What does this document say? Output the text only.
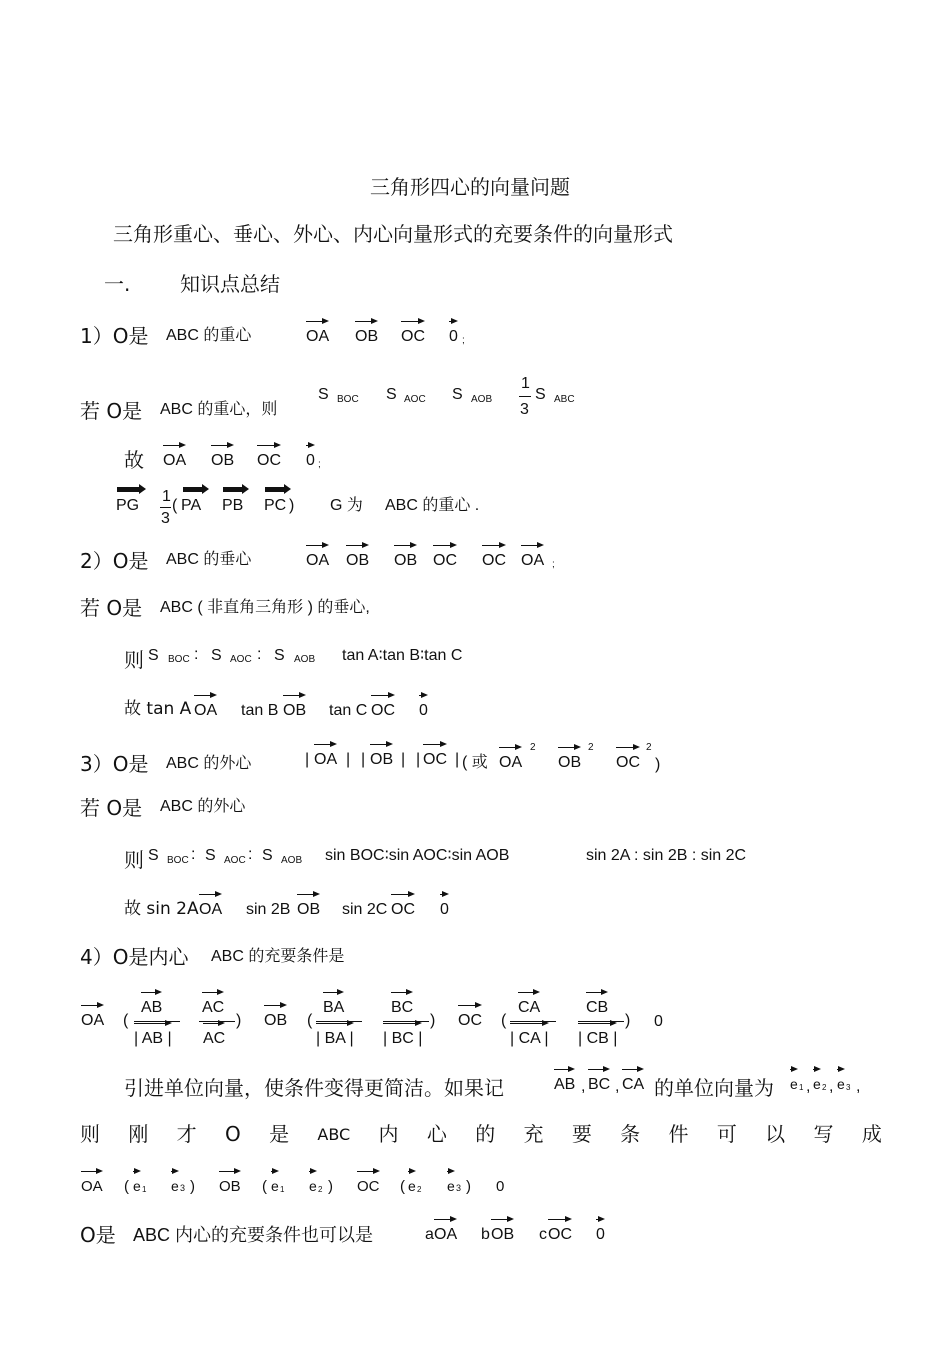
三角形四心的向量问题
三角形重心、垂心、外心、内心向量形式的充要条件的向量形式
一. 知识点总结
1）O是 ABC 的重心	OA OB OC 0 ;
若 O是 ABC 的重心，则
S BOC S AOC S AOB
1
3
S ABC
故 OA OB OC 0 ;
PG
1
3
( PA PB PC ) G 为 ABC 的重心 .
2）O是 ABC 的垂心	OA OB OB OC OC OA ;
若 O是 ABC ( 非直角三角形 ) 的垂心,
则 S BOC : S AOC : S AOB tan A∶tan B∶tan C
故 tan A OA tan B OB tan C OC 0
3）O是 ABC 的外心	| OA | | OB | | OC | ( 或 OA
2
OB
2
OC
2
)
若 O是 ABC 的外心
则 S BOC : S AOC : S AOB sin BOC∶sin AOC∶sin AOB	sin 2A : sin 2B : sin 2C
故 sin 2A OA sin 2B OB sin 2C OC 0
4）O是内心 ABC 的充要条件是
OA (
AB
| AB |
AC
AC
) OB (
BA
| BA |
BC
| BC |
) OC (
CA
| CA |
CB
| CB |
) 0
引进单位向量，使条件变得更简洁。如果记	AB , BC , CA 的单位向量为 e 1 , e 2 , e 3 ,
则 刚 才 O 是 ABC 内 心 的 充 要 条 件 可 以 写 成
OA ( e 1 e 3 ) OB ( e 1 e 2 ) OC ( e 2 e 3 ) 0
O是 ABC 内心的充要条件也可以是	a OA b OB c OC 0
